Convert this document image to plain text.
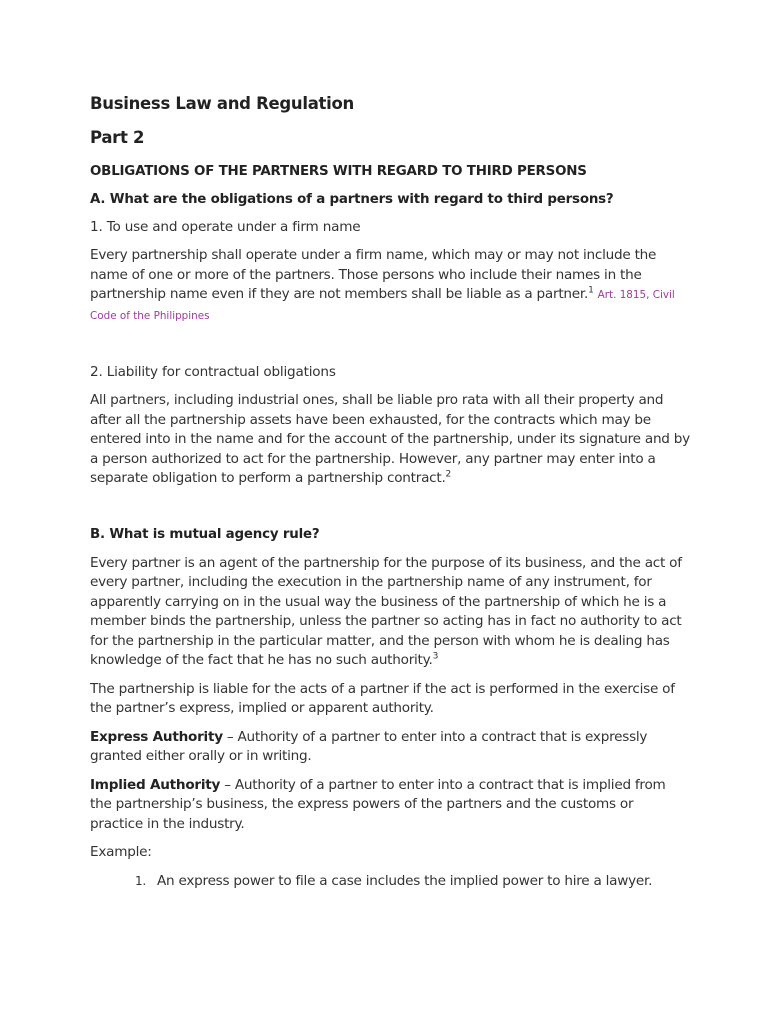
Business Law and Regulation
Part 2
OBLIGATIONS OF THE PARTNERS WITH REGARD TO THIRD PERSONS

A. What are the obligations of a partners with regard to third persons?

1. To use and operate under a firm name

Every partnership shall operate under a firm name, which may or may not include the name of one or more of the partners. Those persons who include their names in the partnership name even if they are not members shall be liable as a partner.$^1$ Art. 1815, Civil Code of the Philippines

2. Liability for contractual obligations

All partners, including industrial ones, shall be liable pro rata with all their property and after all the partnership assets have been exhausted, for the contracts which may be entered into in the name and for the account of the partnership, under its signature and by a person authorized to act for the partnership. However, any partner may enter into a separate obligation to perform a partnership contract.$^2$

B. What is mutual agency rule?

Every partner is an agent of the partnership for the purpose of its business, and the act of every partner, including the execution in the partnership name of any instrument, for apparently carrying on in the usual way the business of the partnership of which he is a member binds the partnership, unless the partner so acting has in fact no authority to act for the partnership in the particular matter, and the person with whom he is dealing has knowledge of the fact that he has no such authority.$^3$

The partnership is liable for the acts of a partner if the act is performed in the exercise of the partner’s express, implied or apparent authority.

Express Authority – Authority of a partner to enter into a contract that is expressly granted either orally or in writing.

Implied Authority – Authority of a partner to enter into a contract that is implied from the partnership’s business, the express powers of the partners and the customs or practice in the industry.

Example:

1. An express power to file a case includes the implied power to hire a lawyer.
